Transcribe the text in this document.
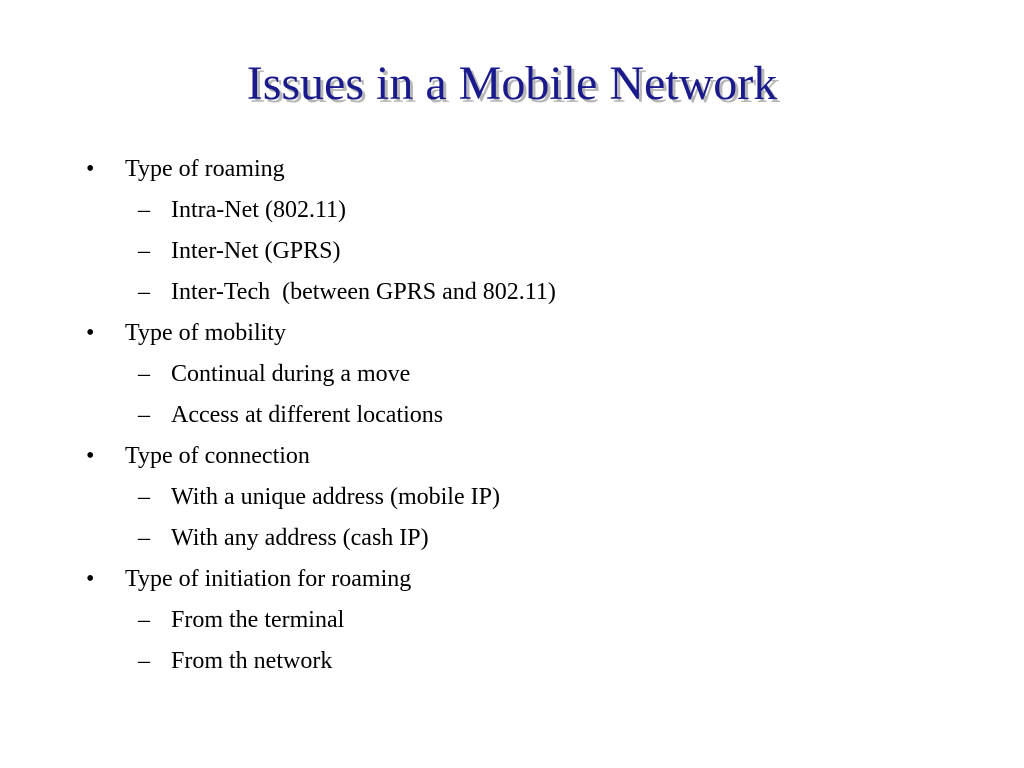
Issues in a Mobile Network

•

Type of roaming

–

Intra-Net (802.11)

–

Inter-Net (GPRS)

–

Inter-Tech  (between GPRS and 802.11)

•

Type of mobility

–

Continual during a move

–

Access at different locations

•

Type of connection

–

With a unique address (mobile IP)

–

With any address (cash IP)

•

Type of initiation for roaming

–

From the terminal

–

From th network
